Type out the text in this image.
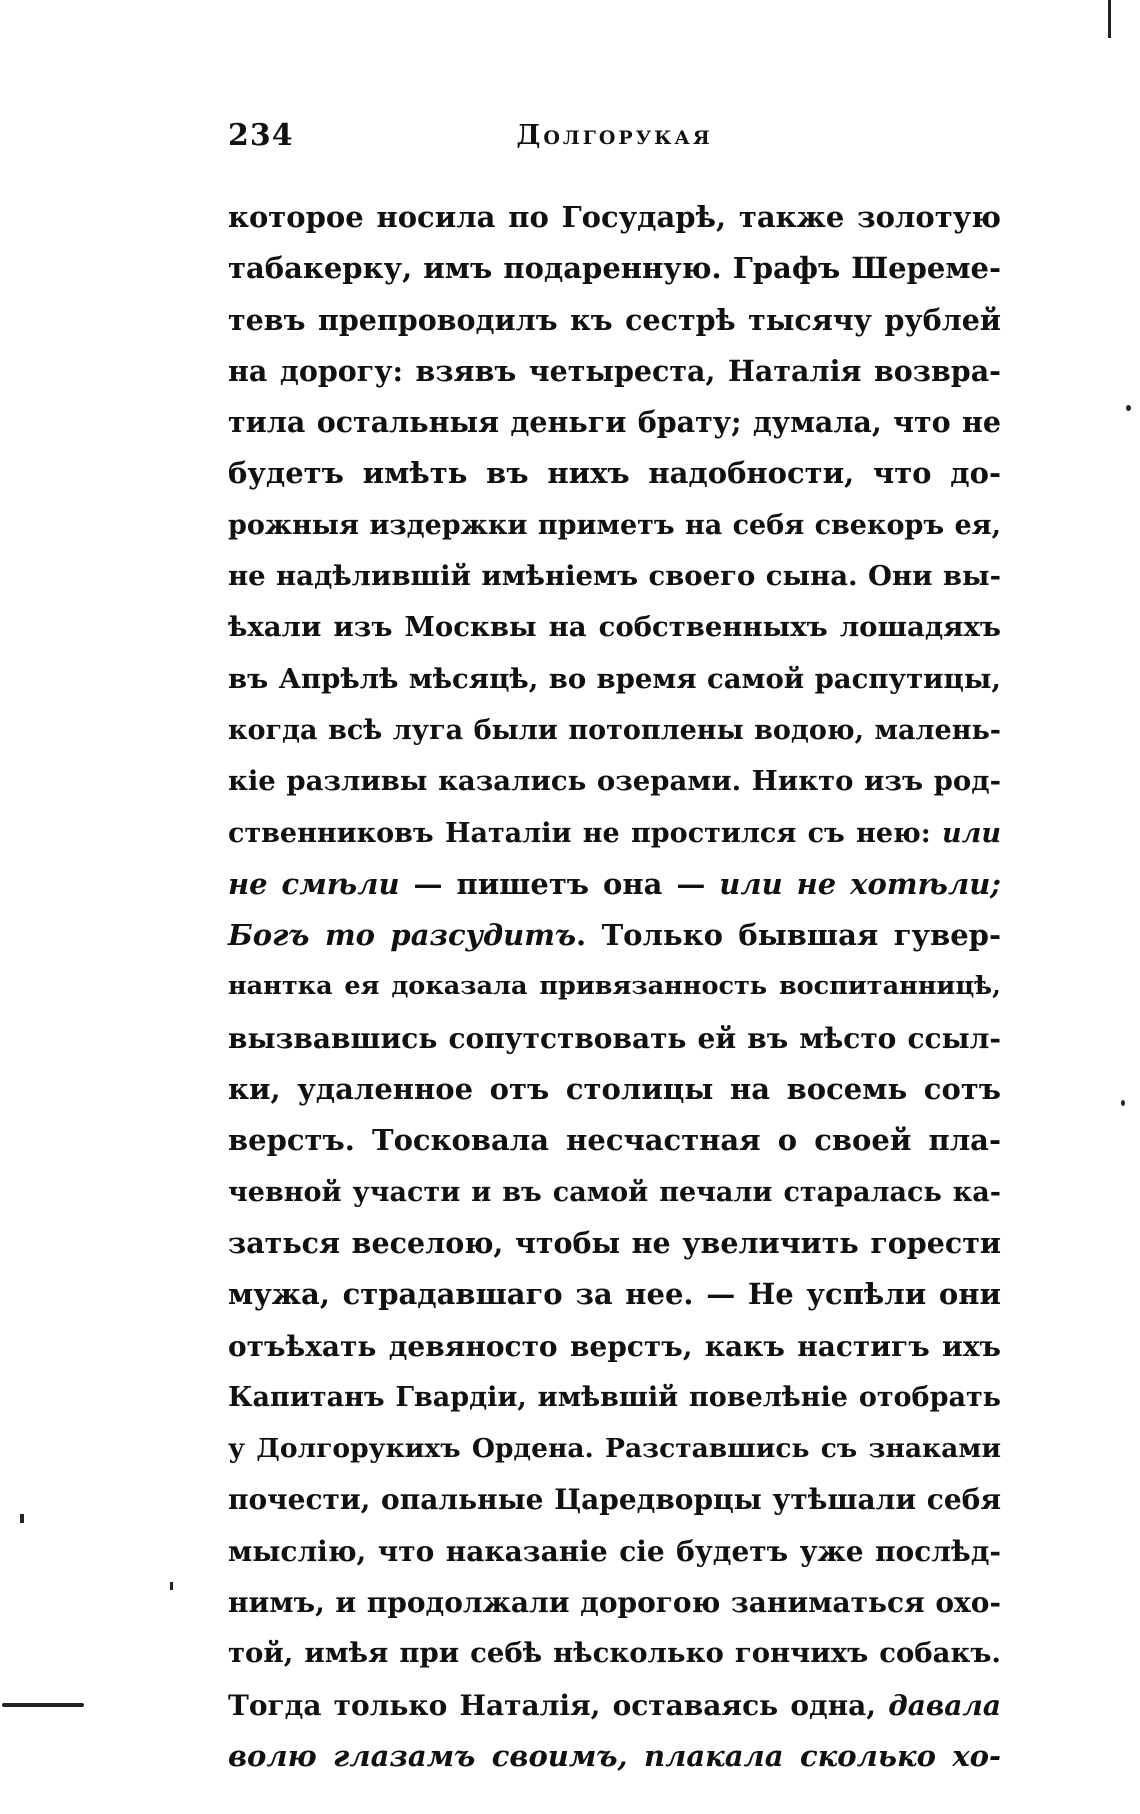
234	Долгорукая
которое носила по Государѣ, также золотую
табакерку, имъ подаренную. Графъ Шереме-
тевъ препроводилъ къ сестрѣ тысячу рублей
на дорогу: взявъ четыреста, Наталія возвра-
тила остальныя деньги брату; думала, что не
будетъ имѣть въ нихъ надобности, что до-
рожныя издержки приметъ на себя свекоръ ея,
не надѣлившій имѣніемъ своего сына. Они вы-
ѣхали изъ Москвы на собственныхъ лошадяхъ
въ Апрѣлѣ мѣсяцѣ, во время самой распутицы,
когда всѣ луга были потоплены водою, малень-
кіе разливы казались озерами. Никто изъ род-
ственниковъ Наталіи не простился съ нею: или
не смѣли — пишетъ она — или не хотѣли;
Богъ то разсудитъ. Только бывшая гувер-
нантка ея доказала привязанность воспитанницѣ,
вызвавшись сопутствовать ей въ мѣсто ссыл-
ки, удаленное отъ столицы на восемь сотъ
верстъ. Тосковала несчастная о своей пла-
чевной участи и въ самой печали старалась ка-
заться веселою, чтобы не увеличить горести
мужа, страдавшаго за нее. — Не успѣли они
отъѣхать девяносто верстъ, какъ настигъ ихъ
Капитанъ Гвардіи, имѣвшій повелѣніе отобрать
у Долгорукихъ Ордена. Разставшись съ знаками
почести, опальные Царедворцы утѣшали себя
мыслію, что наказаніе сіе будетъ уже послѣд-
нимъ, и продолжали дорогою заниматься охо-
той, имѣя при себѣ нѣсколько гончихъ собакъ.
Тогда только Наталія, оставаясь одна, давала
волю глазамъ своимъ, плакала сколько хо-
